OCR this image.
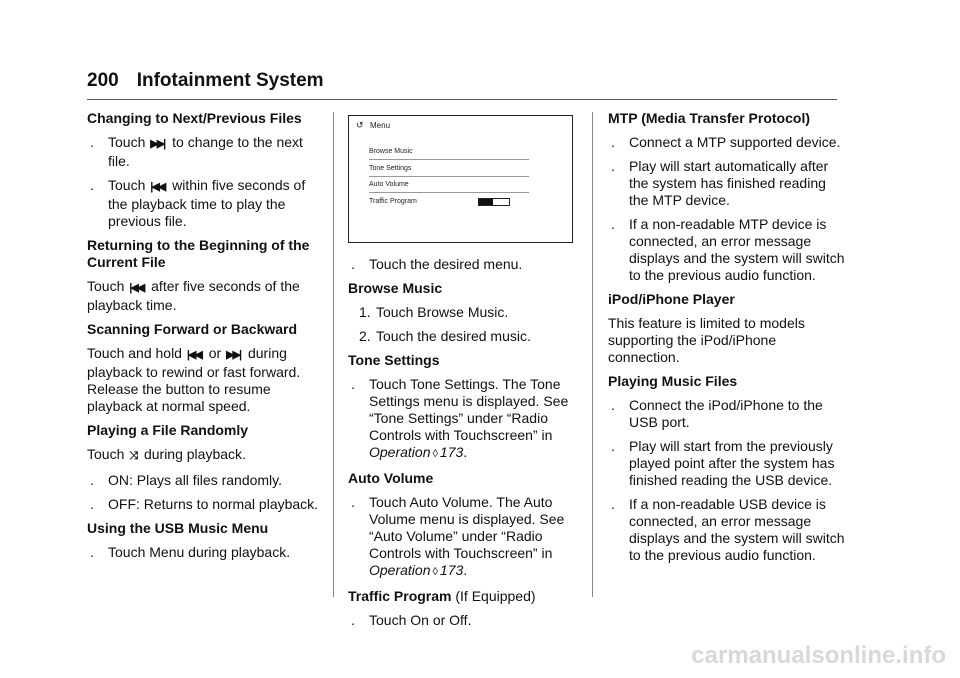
200 Infotainment System
Changing to Next/Previous Files
. Touch ▶▶| to change to the next file.
. Touch |◀◀ within five seconds of the playback time to play the previous file.
Returning to the Beginning of the Current File
Touch |◀◀ after five seconds of the playback time.
Scanning Forward or Backward
Touch and hold |◀◀ or ▶▶| during playback to rewind or fast forward. Release the button to resume playback at normal speed.
Playing a File Randomly
Touch ⤨ during playback.
. ON: Plays all files randomly.
. OFF: Returns to normal playback.
Using the USB Music Menu
. Touch Menu during playback.
↺ Menu
Browse Music
Tone Settings
Auto Volume
Traffic Program
. Touch the desired menu.
Browse Music
1. Touch Browse Music.
2. Touch the desired music.
Tone Settings
. Touch Tone Settings. The Tone Settings menu is displayed. See “Tone Settings” under “Radio Controls with Touchscreen” in Operation ◊ 173.
Auto Volume
. Touch Auto Volume. The Auto Volume menu is displayed. See “Auto Volume” under “Radio Controls with Touchscreen” in Operation ◊ 173.
Traffic Program (If Equipped)
. Touch On or Off.
MTP (Media Transfer Protocol)
. Connect a MTP supported device.
. Play will start automatically after the system has finished reading the MTP device.
. If a non-readable MTP device is connected, an error message displays and the system will switch to the previous audio function.
iPod/iPhone Player
This feature is limited to models supporting the iPod/iPhone connection.
Playing Music Files
. Connect the iPod/iPhone to the USB port.
. Play will start from the previously played point after the system has finished reading the USB device.
. If a non-readable USB device is connected, an error message displays and the system will switch to the previous audio function.
carmanualsonline.info
